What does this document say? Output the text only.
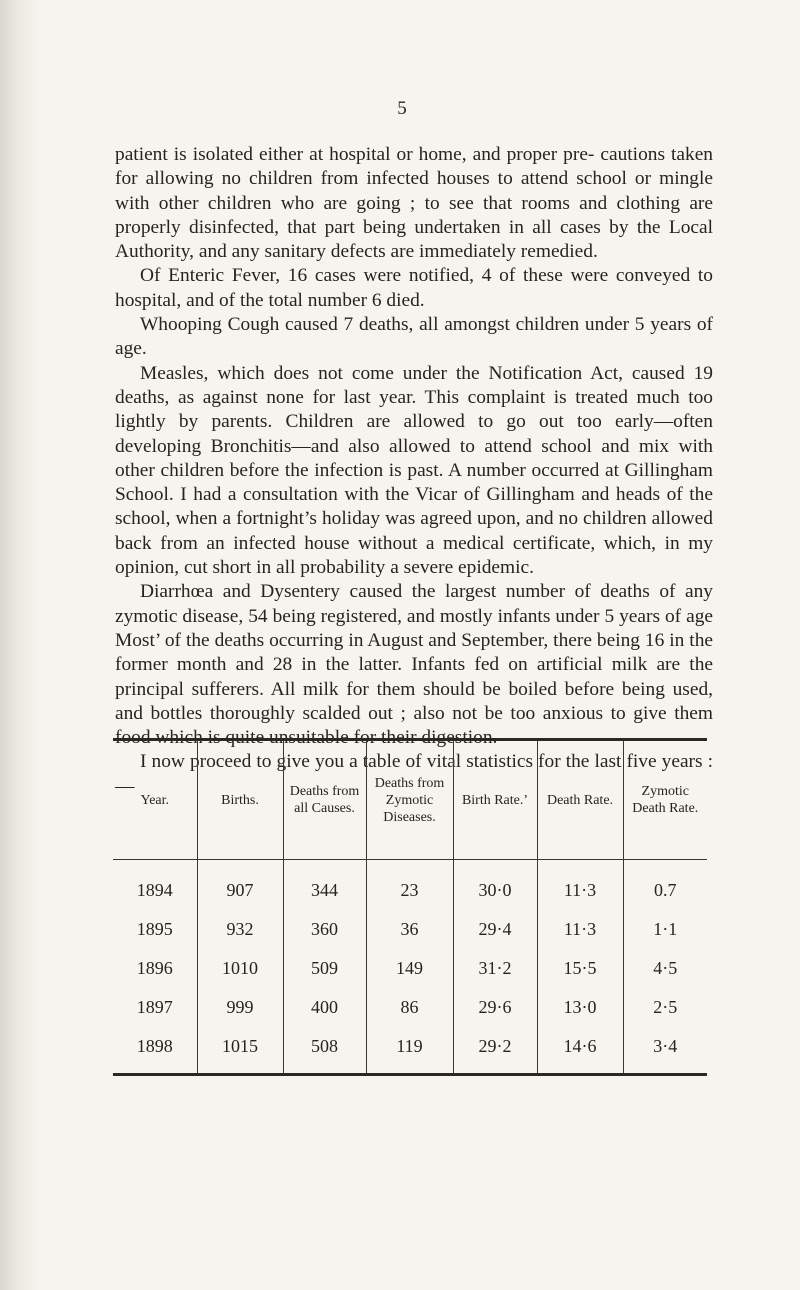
5

patient is isolated either at hospital or home, and proper pre- cautions taken for allowing no children from infected houses to attend school or mingle with other children who are going ; to see that rooms and clothing are properly disinfected, that part being undertaken in all cases by the Local Authority, and any sanitary defects are immediately remedied.

Of Enteric Fever, 16 cases were notified, 4 of these were conveyed to hospital, and of the total number 6 died.

Whooping Cough caused 7 deaths, all amongst children under 5 years of age.

Measles, which does not come under the Notification Act, caused 19 deaths, as against none for last year. This complaint is treated much too lightly by parents. Children are allowed to go out too early—often developing Bronchitis—and also allowed to attend school and mix with other children before the infection is past. A number occurred at Gillingham School. I had a consultation with the Vicar of Gillingham and heads of the school, when a fortnight’s holiday was agreed upon, and no children allowed back from an infected house without a medical certificate, which, in my opinion, cut short in all probability a severe epidemic.

Diarrhœa and Dysentery caused the largest number of deaths of any zymotic disease, 54 being registered, and mostly infants under 5 years of age Most’ of the deaths occurring in August and September, there being 16 in the former month and 28 in the latter. Infants fed on artificial milk are the principal sufferers. All milk for them should be boiled before being used, and bottles thoroughly scalded out ; also not be too anxious to give them food which is quite unsuitable for their digestion.

I now proceed to give you a table of vital statistics for the last five years :—

Year.	Births.	Deaths from all Causes.	Deaths from Zymotic Diseases.	Birth Rate.’	Death Rate.	Zymotic Death Rate.
1894	907	344	23	30·0	11·3	0.7
1895	932	360	36	29·4	11·3	1·1
1896	1010	509	149	31·2	15·5	4·5
1897	999	400	86	29·6	13·0	2·5
1898	1015	508	119	29·2	14·6	3·4
